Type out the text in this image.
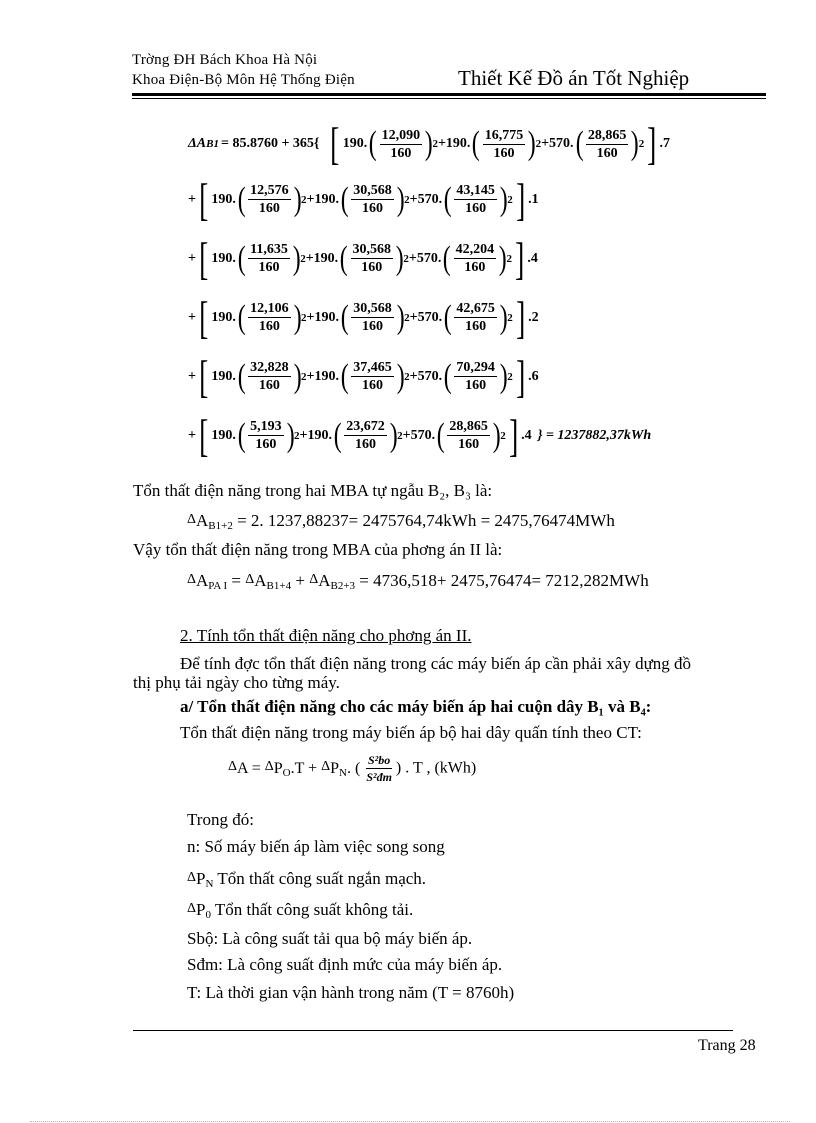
Trờng ĐH Bách Khoa Hà Nội
Khoa Điện-Bộ Môn Hệ Thống Điện	Thiết Kế Đồ án Tốt Nghiệp
ΔA B1 = 85.8760 + 365{ [ 190. ( $\frac{12,090}{160}$ ) 2 +190. ( $\frac{16,775}{160}$ ) 2 +570. ( $\frac{28,865}{160}$ ) 2 ] .7
+ [ 190. ( $\frac{12,576}{160}$ ) 2 +190. ( $\frac{30,568}{160}$ ) 2 +570. ( $\frac{43,145}{160}$ ) 2 ] .1
+ [ 190. ( $\frac{11,635}{160}$ ) 2 +190. ( $\frac{30,568}{160}$ ) 2 +570. ( $\frac{42,204}{160}$ ) 2 ] .4
+ [ 190. ( $\frac{12,106}{160}$ ) 2 +190. ( $\frac{30,568}{160}$ ) 2 +570. ( $\frac{42,675}{160}$ ) 2 ] .2
+ [ 190. ( $\frac{32,828}{160}$ ) 2 +190. ( $\frac{37,465}{160}$ ) 2 +570. ( $\frac{70,294}{160}$ ) 2 ] .6
+ [ 190. ( $\frac{5,193}{160}$ ) 2 +190. ( $\frac{23,672}{160}$ ) 2 +570. ( $\frac{28,865}{160}$ ) 2 ] .4 } = 1237882,37kWh
Tổn thất điện năng trong hai MBA tự ngẫu B₂, B₃ là:
$\Delta A_{B1+2} = 2$. 1237,88237= 2475764,74kWh = 2475,76474MWh
Vậy tổn thất điện năng trong MBA của phơng án II là:
$\Delta A_{PA I} = \Delta A_{B1+4} + \Delta A_{B2+3} = 4736,518+ 2475,76474= 7212,282MWh$
2. Tính tổn thất điện năng cho phơng án II.
Để tính đợc tổn thất điện năng trong các máy biến áp cần phải xây dựng đồ
thị phụ tải ngày cho từng máy.
a/ Tổn thất điện năng cho các máy biến áp hai cuộn dây B₁ và B₄:
Tổn thất điện năng trong máy biến áp bộ hai dây quấn tính theo CT:
$\Delta A = \Delta P_O.T + \Delta P_N$. ( $\frac{\text{S²bo}}{\text{S²đm}}$ ) . T , (kWh)
Trong đó:
n: Số máy biến áp làm việc song song
$\Delta P_N$ Tổn thất công suất ngắn mạch.
$\Delta P_0$ Tổn thất công suất không tải.
Sbộ: Là công suất tải qua bộ máy biến áp.
Sđm: Là công suất định mức của máy biến áp.
T: Là thời gian vận hành trong năm (T = 8760h)
Trang 28
